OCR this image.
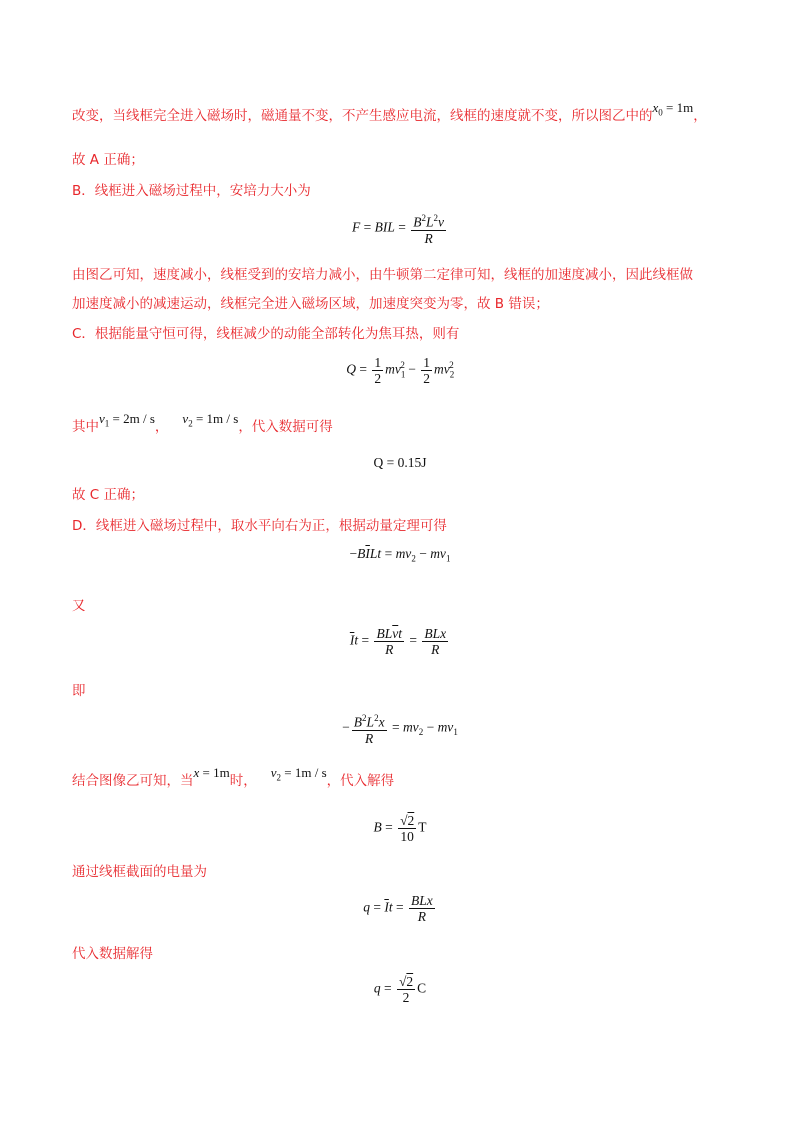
改变，当线框完全进入磁场时，磁通量不变，不产生感应电流，线框的速度就不变，所以图乙中的$x_0 = 1m$，
故 A 正确；
B．线框进入磁场过程中，安培力大小为
F = BIL = $\frac{B^2L^2v}{R}$
由图乙可知，速度减小，线框受到的安培力减小，由牛顿第二定律可知，线框的加速度减小，因此线框做
加速度减小的减速运动，线框完全进入磁场区域，加速度突变为零，故 B 错误；
C．根据能量守恒可得，线框减少的动能全部转化为焦耳热，则有
$Q = \frac{1}{2} mv_1^2 - \frac{1}{2} mv_2^2$
其中$v_1 = 2m / s$，$v_2 = 1m / s$，代入数据可得
Q = 0.15J
故 C 正确；
D．线框进入磁场过程中，取水平向右为正，根据动量定理可得
$-B\overline{I}Lt = mv_2 - mv_1$
又
$\overline{I}t = \frac{BL\overline{v}t}{R} = \frac{\text{BLx}}{R}$
即
− $\frac{B^2L^2x}{R} = mv_2 - mv_1$
结合图像乙可知，当x = 1m时，$v_2 = 1m / s$，代入解得
$B = \frac{√2}{10}$ T
通过线框截面的电量为
$q = \overline{I}t = \frac{\text{BLx}}{R}$
代入数据解得
$q = \frac{√2}{2}$ C
